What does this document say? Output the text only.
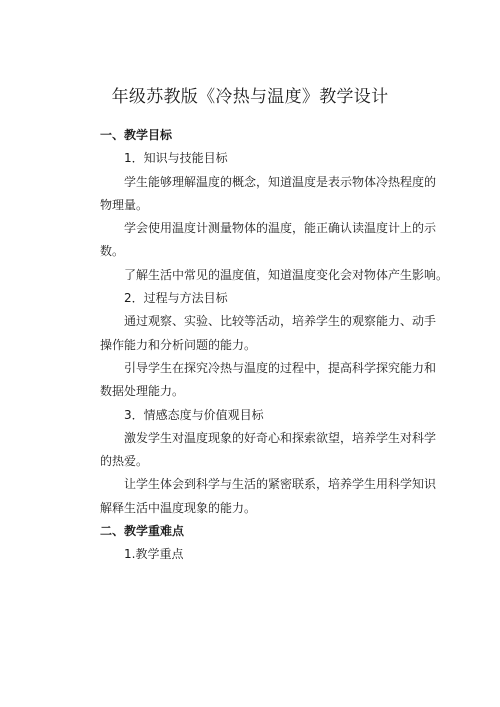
年级苏教版《冷热与温度》教学设计

一、教学目标

1．知识与技能目标

学生能够理解温度的概念，知道温度是表示物体冷热程度的

物理量。

学会使用温度计测量物体的温度，能正确认读温度计上的示

数。

了解生活中常见的温度值，知道温度变化会对物体产生影响。

2．过程与方法目标

通过观察、实验、比较等活动，培养学生的观察能力、动手

操作能力和分析问题的能力。

引导学生在探究冷热与温度的过程中，提高科学探究能力和

数据处理能力。

3．情感态度与价值观目标

激发学生对温度现象的好奇心和探索欲望，培养学生对科学

的热爱。

让学生体会到科学与生活的紧密联系，培养学生用科学知识

解释生活中温度现象的能力。

二、教学重难点

1.教学重点
